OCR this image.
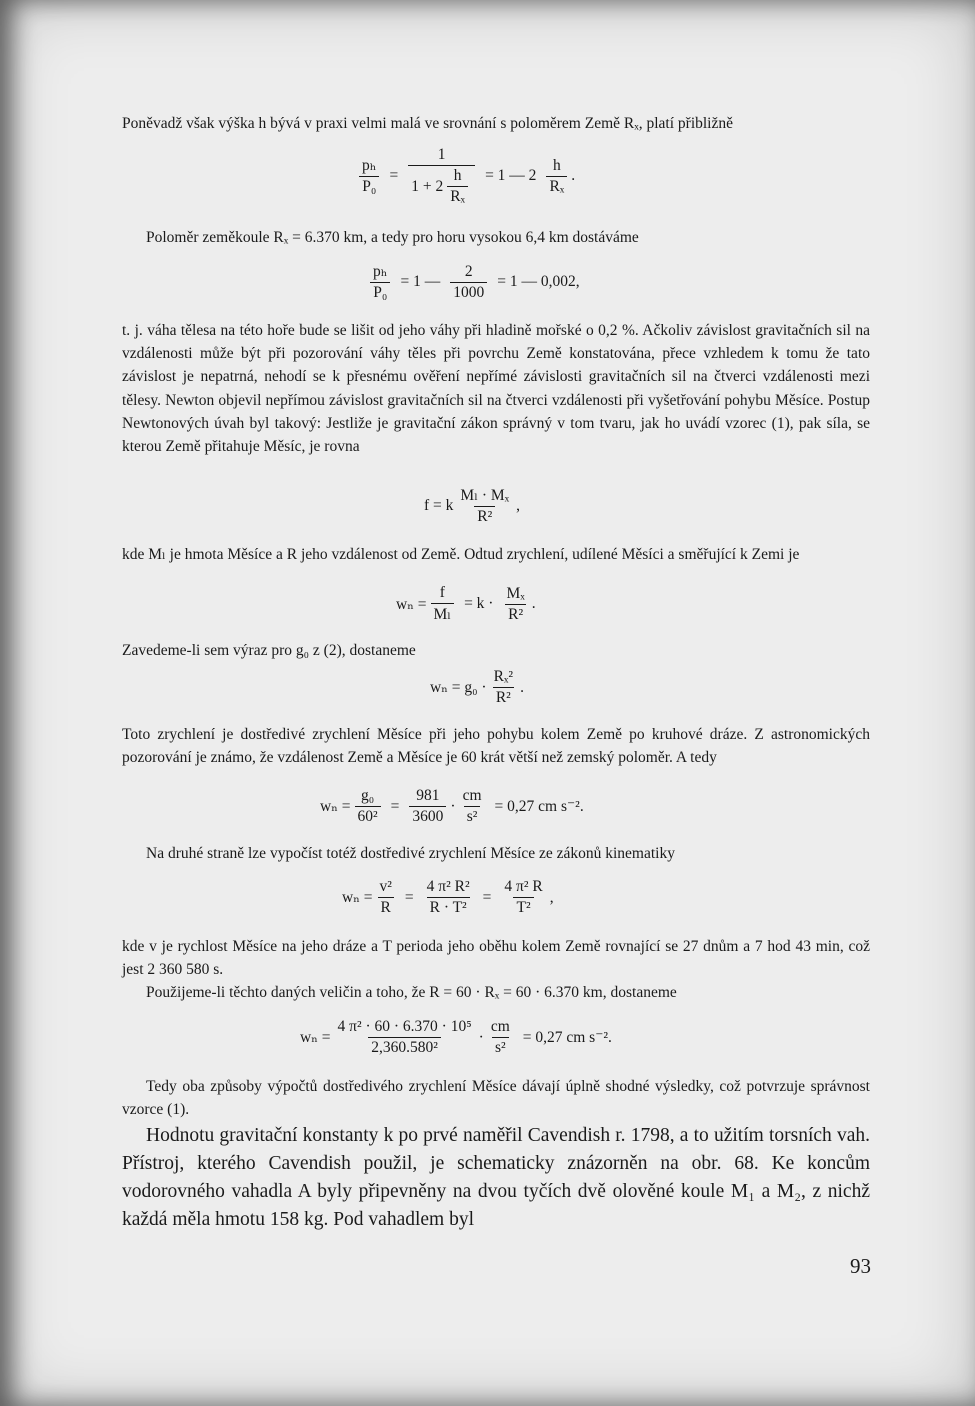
Poněvadž však výška h bývá v praxi velmi malá ve srovnání s poloměrem Země Rₓ, platí přibližně
$\frac{\text{pₕ}}{\text{P₀}} = \frac{1}{1 + 2 \frac{h}{\text{Rₓ}}} = 1$ — $2 \frac{h}{\text{Rₓ}}$ .
Poloměr zeměkoule Rₓ = 6.370 km, a tedy pro horu vysokou 6,4 km dostáváme
$\frac{\text{pₕ}}{\text{P₀}} = 1$ — $\frac{2}{1000} = 1$ — 0,002,
t. j. váha tělesa na této hoře bude se lišit od jeho váhy při hladině mořské o 0,2 %. Ačkoliv závislost gravitačních sil na vzdálenosti může být při pozorování váhy těles při povrchu Země konstatována, přece vzhledem k tomu že tato závislost je nepatrná, nehodí se k přesnému ověření nepřímé závislosti gravitačních sil na čtverci vzdálenosti mezi tělesy. Newton objevil nepřímou závislost gravitačních sil na čtverci vzdálenosti při vyšetřování pohybu Měsíce. Postup Newtonových úvah byl takový: Jestliže je gravitační zákon správný v tom tvaru, jak ho uvádí vzorec (1), pak síla, se kterou Země přitahuje Měsíc, je rovna
f = k $\frac{\text{Mₗ · Mₓ}}{\text{R²}}$ ,
kde Mₗ je hmota Měsíce a R jeho vzdálenost od Země. Odtud zrychlení, udílené Měsíci a směřující k Zemi je
$w_n = \frac{f}{\text{Mₗ}} = k \cdot \frac{\text{Mₓ}}{\text{R²}}$ .
Zavedeme-li sem výraz pro g₀ z (2), dostaneme
$w_n = g_0 \cdot \frac{\text{Rₓ²}}{\text{R²}}$ .
Toto zrychlení je dostředivé zrychlení Měsíce při jeho pohybu kolem Země po kruhové dráze. Z astronomických pozorování je známo, že vzdálenost Země a Měsíce je 60 krát větší než zemský poloměr. A tedy
$w_n = \frac{\text{g₀}}{\text{60²}} = \frac{981}{3600} \cdot \frac{cm}{\text{s²}} = 0,27$ cm s⁻².
Na druhé straně lze vypočíst totéž dostředivé zrychlení Měsíce ze zákonů kinematiky
$w_n = \frac{\text{v²}}{R} = \frac{\text{4 π² R²}}{\text{R · T²}} = \frac{\text{4 π² R}}{\text{T²}}$ ,
kde v je rychlost Měsíce na jeho dráze a T perioda jeho oběhu kolem Země rovnající se 27 dnům a 7 hod 43 min, což jest 2 360 580 s.
Použijeme-li těchto daných veličin a toho, že R = 60 · Rₓ = 60 · 6.370 km, dostaneme
$w_n = \frac{\text{4 π² · 60 · 6.370 · 10⁵}}{\text{2,360.580²}} \cdot \frac{cm}{\text{s²}} = 0,27$ cm s⁻².
Tedy oba způsoby výpočtů dostředivého zrychlení Měsíce dávají úplně shodné výsledky, což potvrzuje správnost vzorce (1).
Hodnotu gravitační konstanty k po prvé naměřil Cavendish r. 1798, a to užitím torsních vah. Přístroj, kterého Cavendish použil, je schematicky znázorněn na obr. 68. Ke koncům vodorovného vahadla A byly připevněny na dvou tyčích dvě olověné koule M₁ a M₂, z nichž každá měla hmotu 158 kg. Pod vahadlem byl
93
